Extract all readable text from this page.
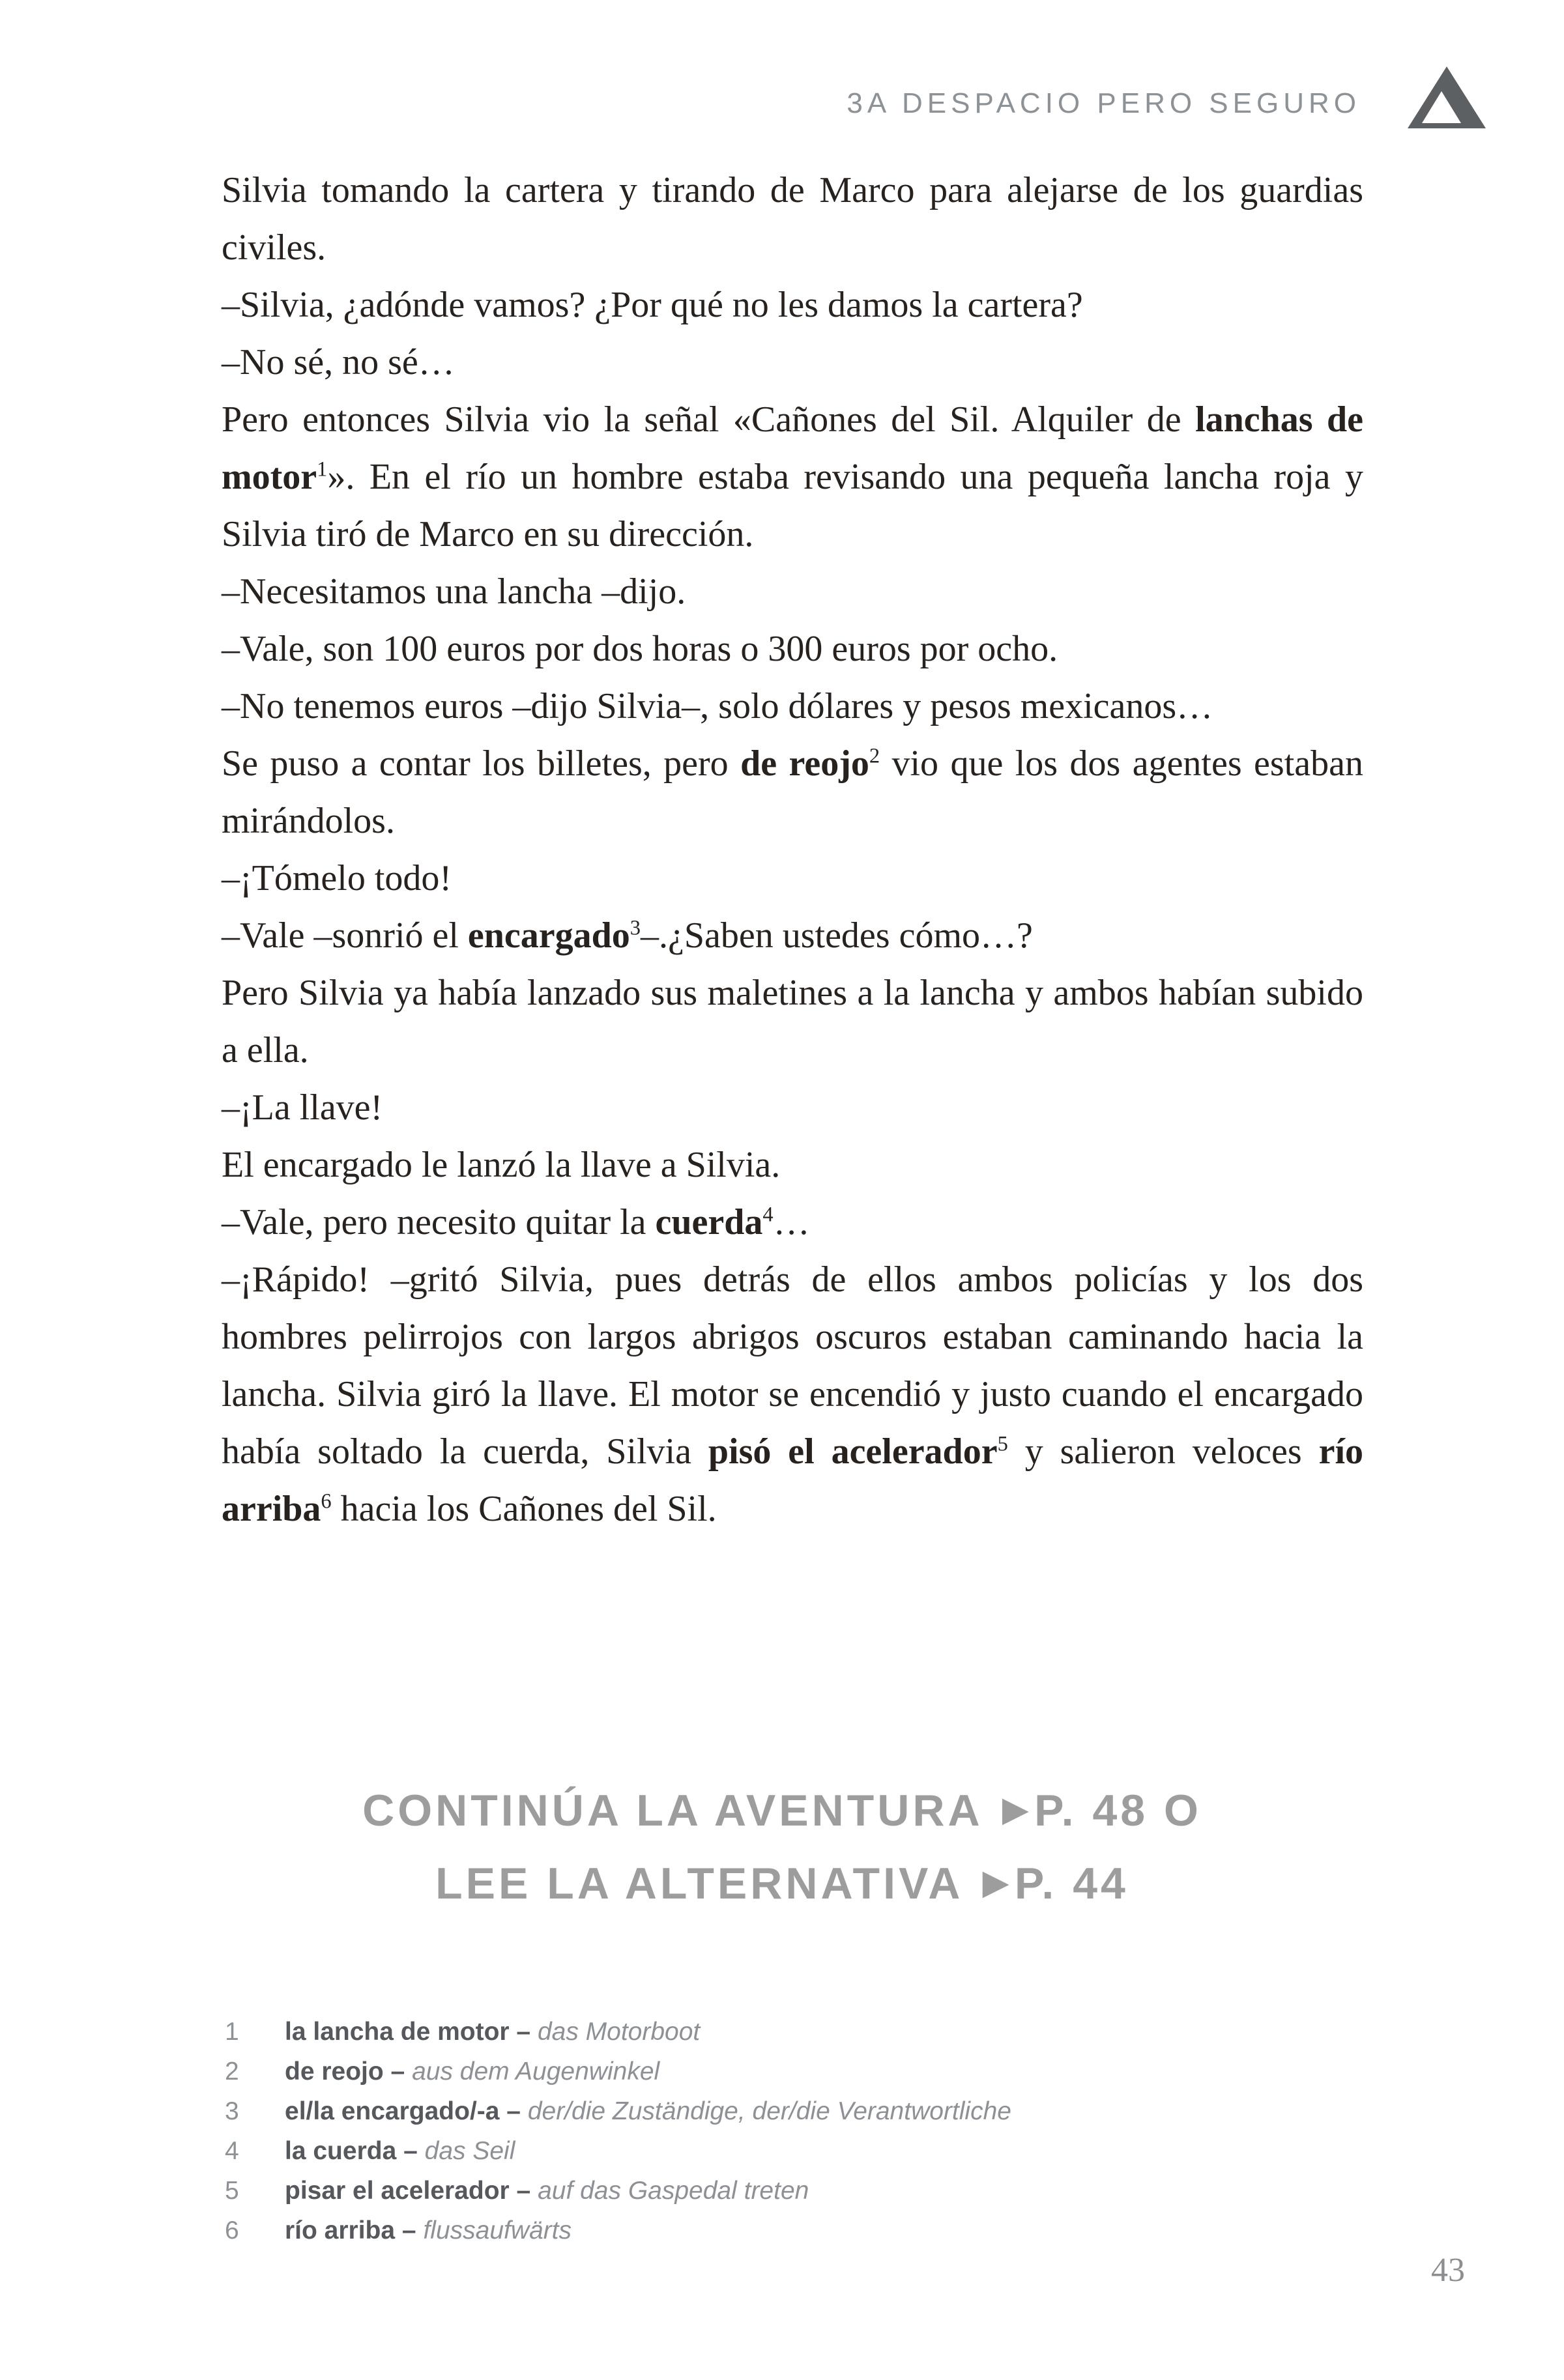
3A DESPACIO PERO SEGURO

Silvia tomando la cartera y tirando de Marco para alejarse de los guardias civiles.

–Silvia, ¿adónde vamos? ¿Por qué no les damos la cartera?

–No sé, no sé…

Pero entonces Silvia vio la señal «Cañones del Sil. Alquiler de lanchas de motor$^1$». En el río un hombre estaba revisando una pequeña lancha roja y Silvia tiró de Marco en su dirección.

–Necesitamos una lancha –dijo.

–Vale, son 100 euros por dos horas o 300 euros por ocho.

–No tenemos euros –dijo Silvia–, solo dólares y pesos mexicanos…

Se puso a contar los billetes, pero de reojo$^2$ vio que los dos agentes estaban mirándolos.

–¡Tómelo todo!

–Vale –sonrió el encargado$^3$–.¿Saben ustedes cómo…?

Pero Silvia ya había lanzado sus maletines a la lancha y ambos habían subido a ella.

–¡La llave!

El encargado le lanzó la llave a Silvia.

–Vale, pero necesito quitar la cuerda$^4$…

–¡Rápido! –gritó Silvia, pues detrás de ellos ambos policías y los dos hombres pelirrojos con largos abrigos oscuros estaban caminando hacia la lancha. Silvia giró la llave. El motor se encendió y justo cuando el encargado había soltado la cuerda, Silvia pisó el acelerador$^5$ y salieron veloces río arriba$^6$ hacia los Cañones del Sil.

CONTINÚA LA AVENTURA ▶ P. 48 O
LEE LA ALTERNATIVA ▶ P. 44
1 la lancha de motor – das Motorboot
2 de reojo – aus dem Augenwinkel
3 el/la encargado/-a – der/die Zuständige, der/die Verantwortliche
4 la cuerda – das Seil
5 pisar el acelerador – auf das Gaspedal treten
6 río arriba – flussaufwärts
43
